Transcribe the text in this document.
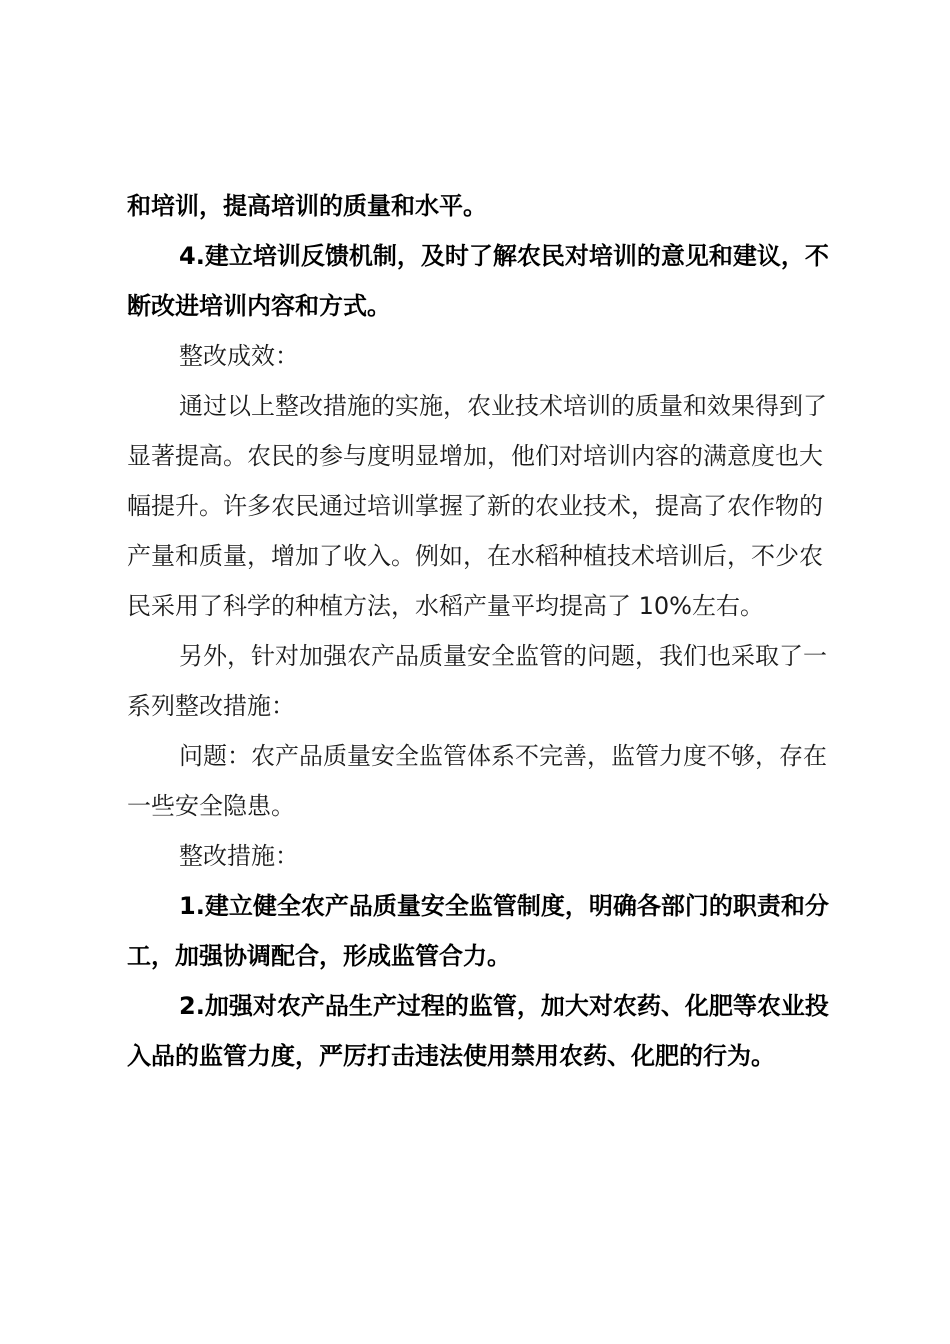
和培训，提高培训的质量和水平。

4.建立培训反馈机制，及时了解农民对培训的意见和建议，不断改进培训内容和方式。

整改成效：

通过以上整改措施的实施，农业技术培训的质量和效果得到了显著提高。农民的参与度明显增加，他们对培训内容的满意度也大幅提升。许多农民通过培训掌握了新的农业技术，提高了农作物的产量和质量，增加了收入。例如，在水稻种植技术培训后，不少农民采用了科学的种植方法，水稻产量平均提高了 10%左右。

另外，针对加强农产品质量安全监管的问题，我们也采取了一系列整改措施：

问题：农产品质量安全监管体系不完善，监管力度不够，存在一些安全隐患。

整改措施：

1.建立健全农产品质量安全监管制度，明确各部门的职责和分工，加强协调配合，形成监管合力。

2.加强对农产品生产过程的监管，加大对农药、化肥等农业投入品的监管力度，严厉打击违法使用禁用农药、化肥的行为。
